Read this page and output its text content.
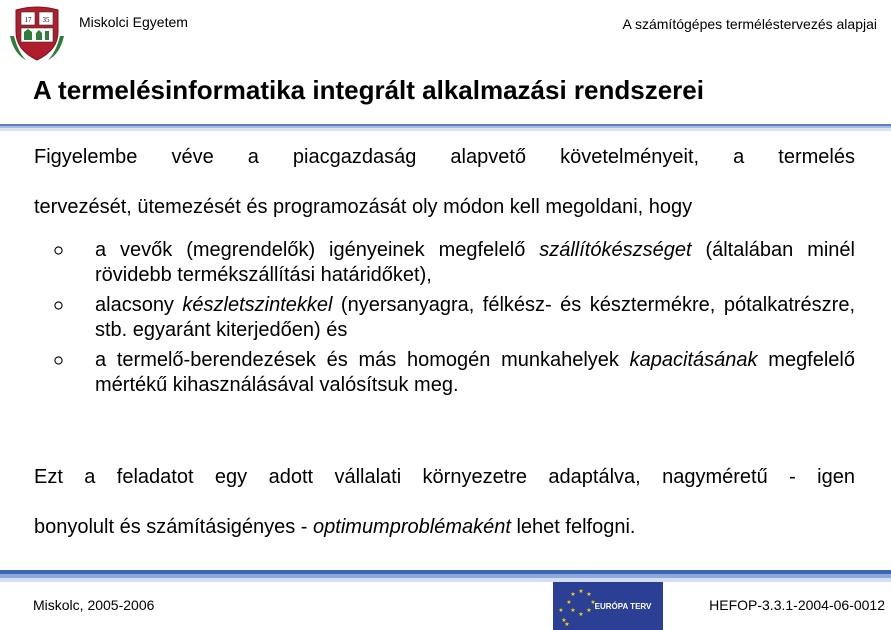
17 35 Miskolci Egyetem	A számítógépes terméléstervezés alapjai
A termelésinformatika integrált alkalmazási rendszerei
Figyelembe véve a piacgazdaság alapvető követelményeit, a termelés
tervezését, ütemezését és programozását oly módon kell megoldani, hogy
a vevők (megrendelők) igényeinek megfelelő szállítókészséget (általában minél rövidebb termékszállítási határidőket),
alacsony készletszintekkel (nyersanyagra, félkész- és késztermékre, pótalkatrészre, stb. egyaránt kiterjedően) és
a termelő-berendezések és más homogén munkahelyek kapacitásának megfelelő mértékű kihasználásával valósítsuk meg.
Ezt a feladatot egy adott vállalati környezetre adaptálva, nagyméretű - igen
bonyolult és számításigényes - optimumproblémaként lehet felfogni.
Miskolc, 2005-2006
★ ★
★
★
★
★
★
★
★
★
★
EURÓPA TERV	HEFOP-3.3.1-2004-06-0012
